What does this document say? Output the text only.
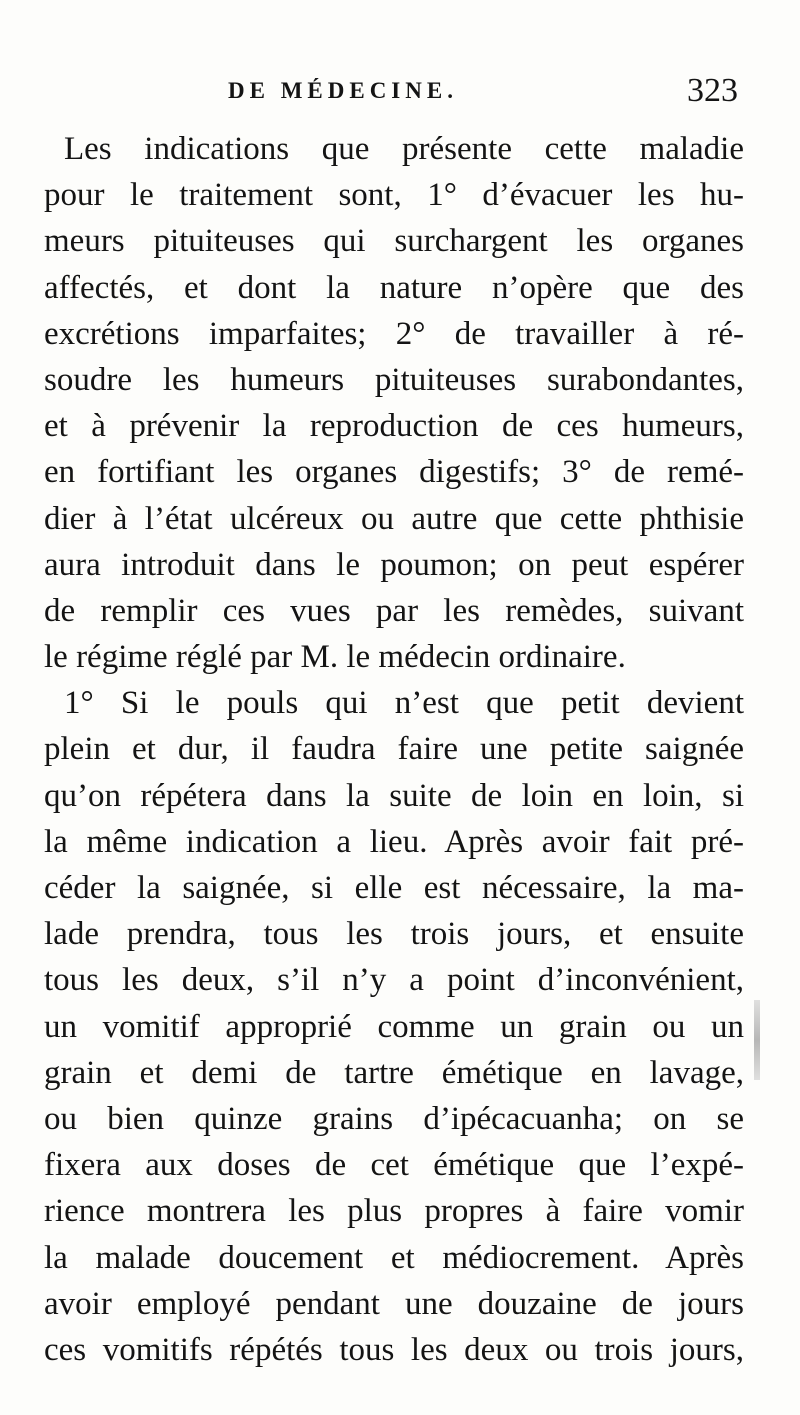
DE MÉDECINE.	323
Les indications que présente cette maladie
pour le traitement sont, 1° d’évacuer les hu-
meurs pituiteuses qui surchargent les organes
affectés, et dont la nature n’opère que des
excrétions imparfaites; 2° de travailler à ré-
soudre les humeurs pituiteuses surabondantes,
et à prévenir la reproduction de ces humeurs,
en fortifiant les organes digestifs; 3° de remé-
dier à l’état ulcéreux ou autre que cette phthisie
aura introduit dans le poumon; on peut espérer
de remplir ces vues par les remèdes, suivant
le régime réglé par M. le médecin ordinaire.
1° Si le pouls qui n’est que petit devient
plein et dur, il faudra faire une petite saignée
qu’on répétera dans la suite de loin en loin, si
la même indication a lieu. Après avoir fait pré-
céder la saignée, si elle est nécessaire, la ma-
lade prendra, tous les trois jours, et ensuite
tous les deux, s’il n’y a point d’inconvénient,
un vomitif approprié comme un grain ou un
grain et demi de tartre émétique en lavage,
ou bien quinze grains d’ipécacuanha; on se
fixera aux doses de cet émétique que l’expé-
rience montrera les plus propres à faire vomir
la malade doucement et médiocrement. Après
avoir employé pendant une douzaine de jours
ces vomitifs répétés tous les deux ou trois jours,
